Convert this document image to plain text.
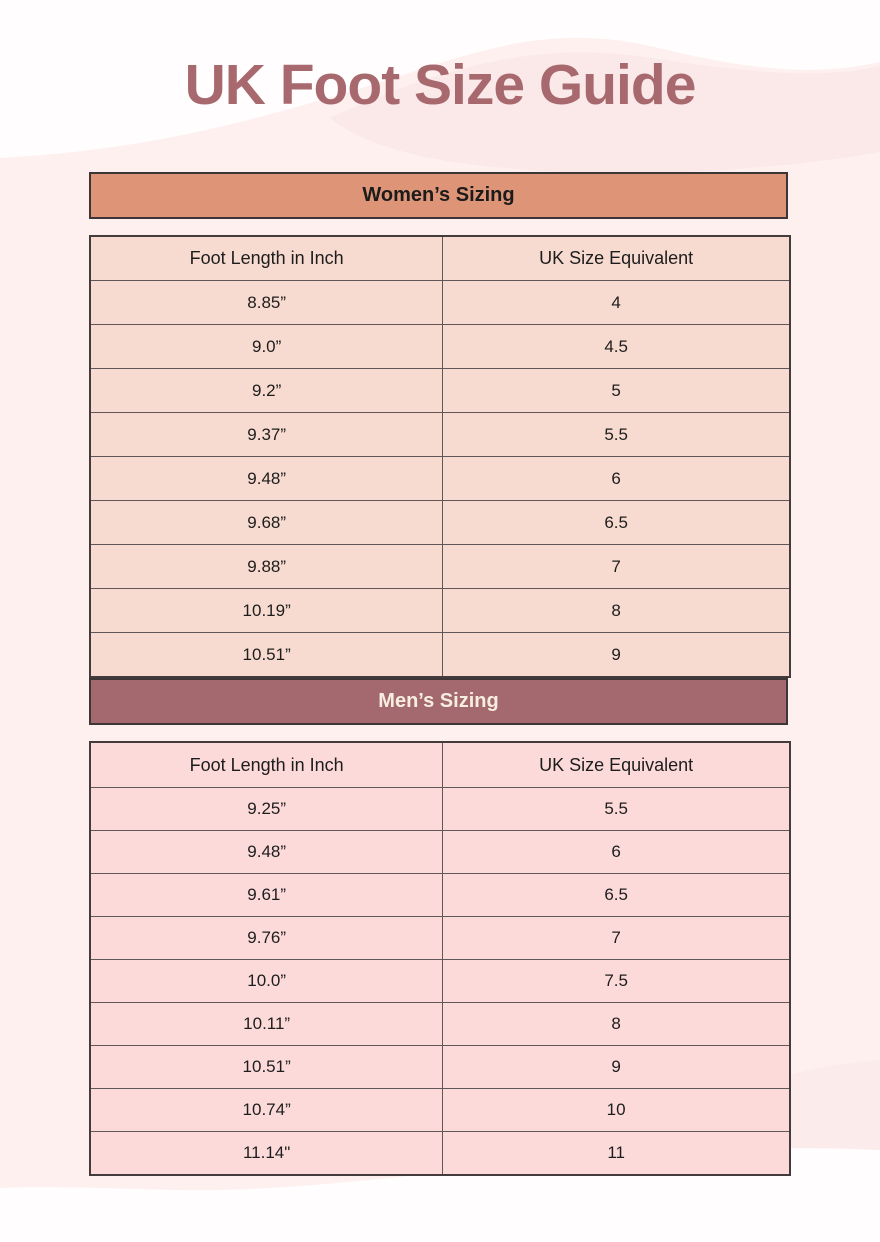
UK Foot Size Guide
Women’s Sizing
Foot Length in Inch	UK Size Equivalent
8.85”	4
9.0”	4.5
9.2”	5
9.37”	5.5
9.48”	6
9.68”	6.5
9.88”	7
10.19”	8
10.51”	9
Men’s Sizing
Foot Length in Inch	UK Size Equivalent
9.25”	5.5
9.48”	6
9.61”	6.5
9.76”	7
10.0”	7.5
10.11”	8
10.51”	9
10.74”	10
11.14"	11
